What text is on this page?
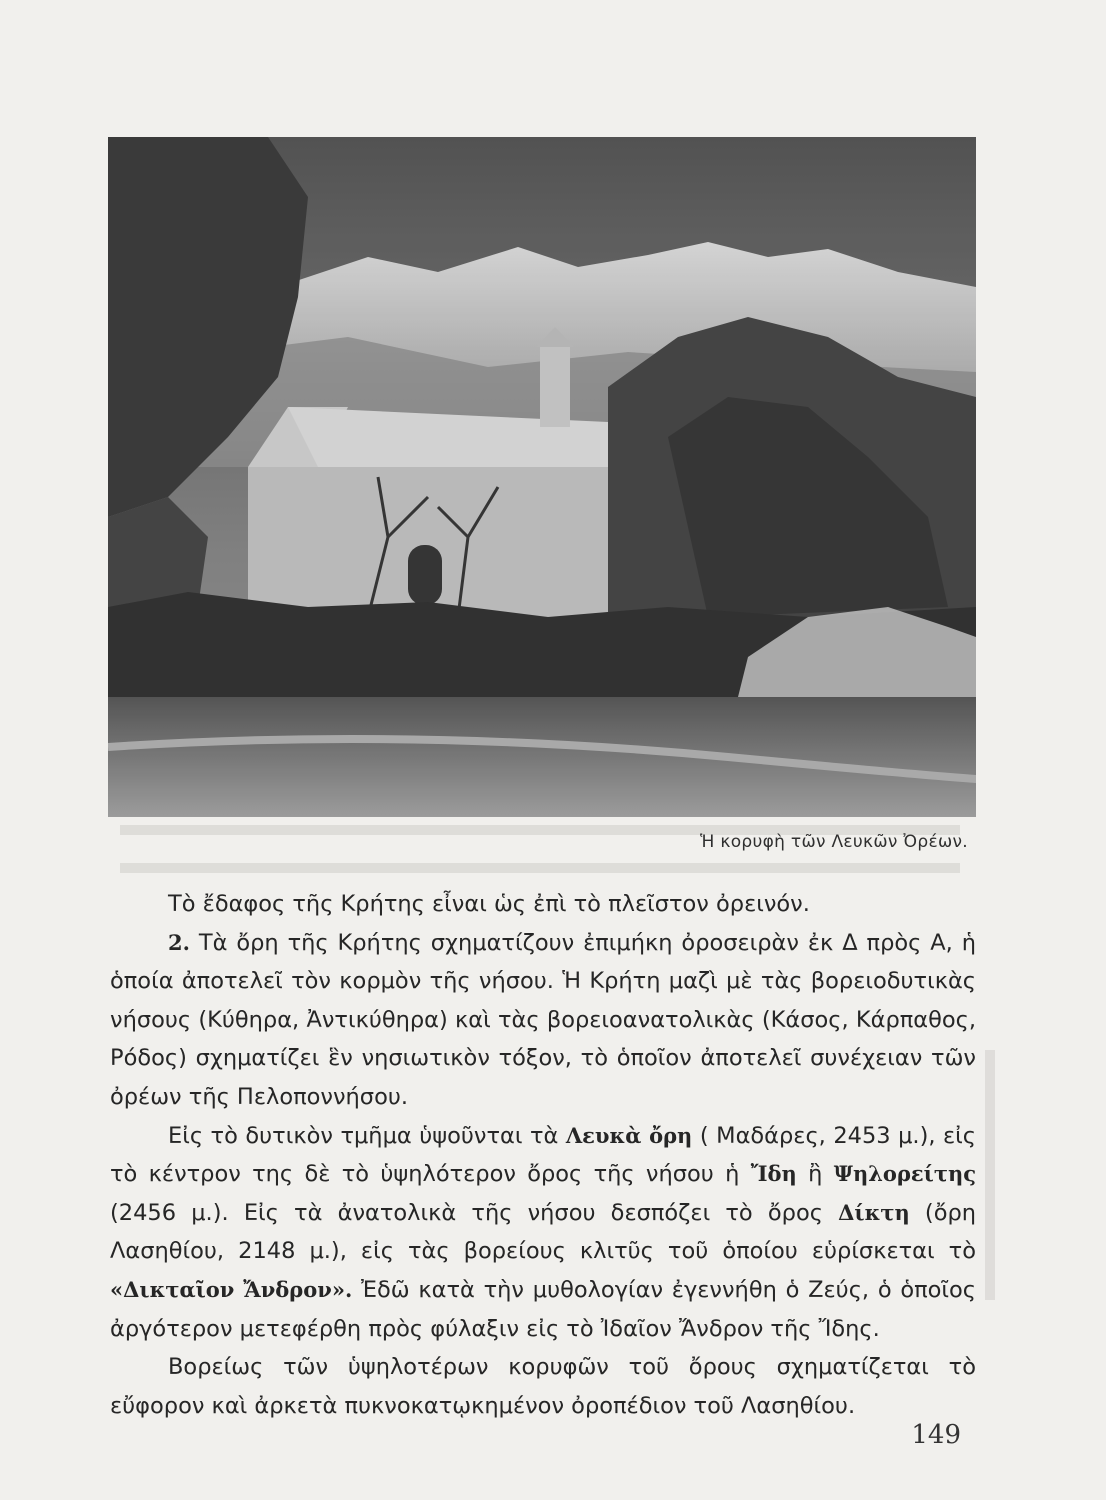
Ἡ κορυφὴ τῶν Λευκῶν Ὀρέων.

Τὸ ἔδαφος τῆς Κρήτης εἶναι ὡς ἐπὶ τὸ πλεῖστον ὀρεινόν.

2. Τὰ ὄρη τῆς Κρήτης σχηματίζουν ἐπιμήκη ὀροσειρὰν ἐκ Δ πρὸς Α, ἡ ὁποία ἀποτελεῖ τὸν κορμὸν τῆς νήσου. Ἡ Κρήτη μαζὶ μὲ τὰς βορειοδυτικὰς νήσους (Κύθηρα, Ἀντικύθηρα) καὶ τὰς βορειοανατολικὰς (Κάσος, Κάρπαθος, Ρόδος) σχηματίζει ἓν νησιωτικὸν τόξον, τὸ ὁποῖον ἀποτελεῖ συνέχειαν τῶν ὀρέων τῆς Πελοποννήσου.

Εἰς τὸ δυτικὸν τμῆμα ὑψοῦνται τὰ Λευκὰ ὄρη ( Μαδάρες, 2453 μ.), εἰς τὸ κέντρον της δὲ τὸ ὑψηλότερον ὄρος τῆς νήσου ἡ Ἴδη ἢ Ψηλορείτης (2456 μ.). Εἰς τὰ ἀνατολικὰ τῆς νήσου δεσπόζει τὸ ὄρος Δίκτη (ὄρη Λασηθίου, 2148 μ.), εἰς τὰς βορείους κλιτῦς τοῦ ὁποίου εὑρίσκεται τὸ «Δικταῖον Ἄνδρον». Ἐδῶ κατὰ τὴν μυθολογίαν ἐγεννήθη ὁ Ζεύς, ὁ ὁποῖος ἀργότερον μετεφέρθη πρὸς φύλαξιν εἰς τὸ Ἰδαῖον Ἄνδρον τῆς Ἴδης.

Βορείως τῶν ὑψηλοτέρων κορυφῶν τοῦ ὄρους σχηματίζεται τὸ εὔφορον καὶ ἀρκετὰ πυκνοκατῳκημένον ὀροπέδιον τοῦ Λασηθίου.

149
